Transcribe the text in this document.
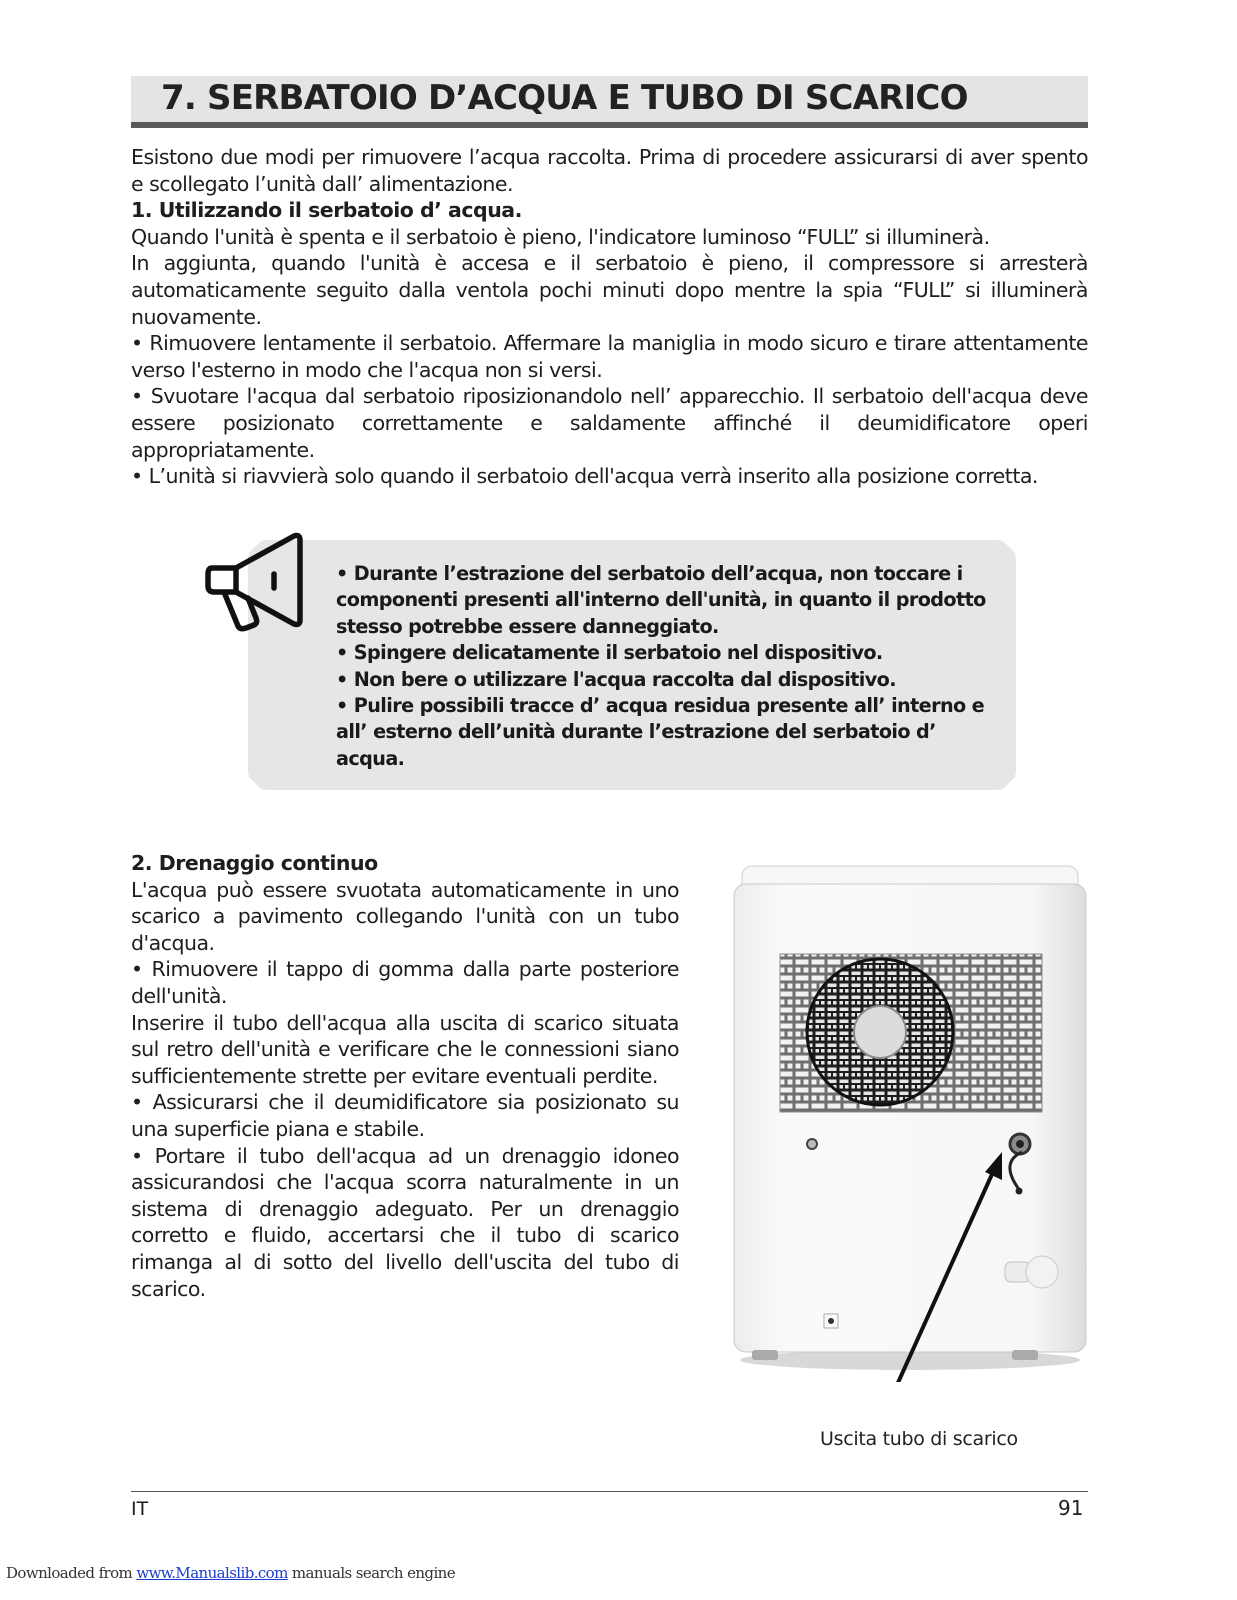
7. SERBATOIO D’ACQUA E TUBO DI SCARICO

Esistono due modi per rimuovere l’acqua raccolta. Prima di procedere assicurarsi di aver spento e scollegato l’unità dall’ alimentazione.

1. Utilizzando il serbatoio d’ acqua.

Quando l'unità è spenta e il serbatoio è pieno, l'indicatore luminoso “FULL” si illuminerà.

In aggiunta, quando l'unità è accesa e il serbatoio è pieno, il compressore si arresterà automaticamente seguito dalla ventola pochi minuti dopo mentre la spia “FULL” si illuminerà nuovamente.

• Rimuovere lentamente il serbatoio. Affermare la maniglia in modo sicuro e tirare attentamente verso l'esterno in modo che l'acqua non si versi.

• Svuotare l'acqua dal serbatoio riposizionandolo nell’ apparecchio. Il serbatoio dell'acqua deve essere posizionato correttamente e saldamente affinché il deumidificatore operi appropriatamente.

• L’unità si riavvierà solo quando il serbatoio dell'acqua verrà inserito alla posizione corretta.

• Durante l’estrazione del serbatoio dell’acqua, non toccare i componenti presenti all'interno dell'unità, in quanto il prodotto stesso potrebbe essere danneggiato.

• Spingere delicatamente il serbatoio nel dispositivo.

• Non bere o utilizzare l'acqua raccolta dal dispositivo.

• Pulire possibili tracce d’ acqua residua presente all’ interno e all’ esterno dell’unità durante l’estrazione del serbatoio d’ acqua.

2. Drenaggio continuo

L'acqua può essere svuotata automaticamente in uno scarico a pavimento collegando l'unità con un tubo d'acqua.

• Rimuovere il tappo di gomma dalla parte posteriore dell'unità.

Inserire il tubo dell'acqua alla uscita di scarico situata sul retro dell'unità e verificare che le connessioni siano sufficientemente strette per evitare eventuali perdite.

• Assicurarsi che il deumidificatore sia posizionato su una superficie piana e stabile.

• Portare il tubo dell'acqua ad un drenaggio idoneo assicurandosi che l'acqua scorra naturalmente in un sistema di drenaggio adeguato. Per un drenaggio corretto e fluido, accertarsi che il tubo di scarico rimanga al di sotto del livello dell'uscita del tubo di scarico.

Uscita tubo di scarico
IT	91
Downloaded from www.Manualslib.com manuals search engine
